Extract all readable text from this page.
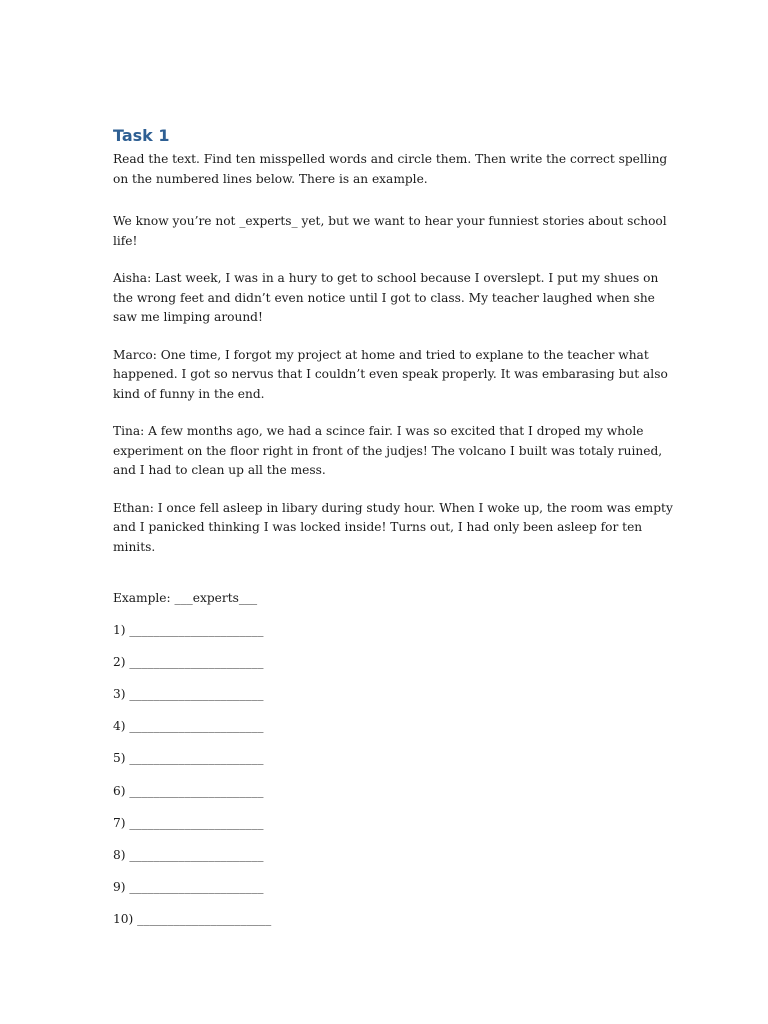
Task 1

Read the text. Find ten misspelled words and circle them. Then write the correct spelling on the numbered lines below. There is an example.

We know you’re not _experts_ yet, but we want to hear your funniest stories about school life!

Aisha: Last week, I was in a hury to get to school because I overslept. I put my shues on the wrong feet and didn’t even notice until I got to class. My teacher laughed when she saw me limping around!

Marco: One time, I forgot my project at home and tried to explane to the teacher what happened. I got so nervus that I couldn’t even speak properly. It was embarasing but also kind of funny in the end.

Tina: A few months ago, we had a scince fair. I was so excited that I droped my whole experiment on the floor right in front of the judjes! The volcano I built was totaly ruined, and I had to clean up all the mess.

Ethan: I once fell asleep in libary during study hour. When I woke up, the room was empty and I panicked thinking I was locked inside! Turns out, I had only been asleep for ten minits.

Example: ___experts___

1) ______________________
2) ______________________
3) ______________________
4) ______________________
5) ______________________
6) ______________________
7) ______________________
8) ______________________
9) ______________________
10) ______________________
